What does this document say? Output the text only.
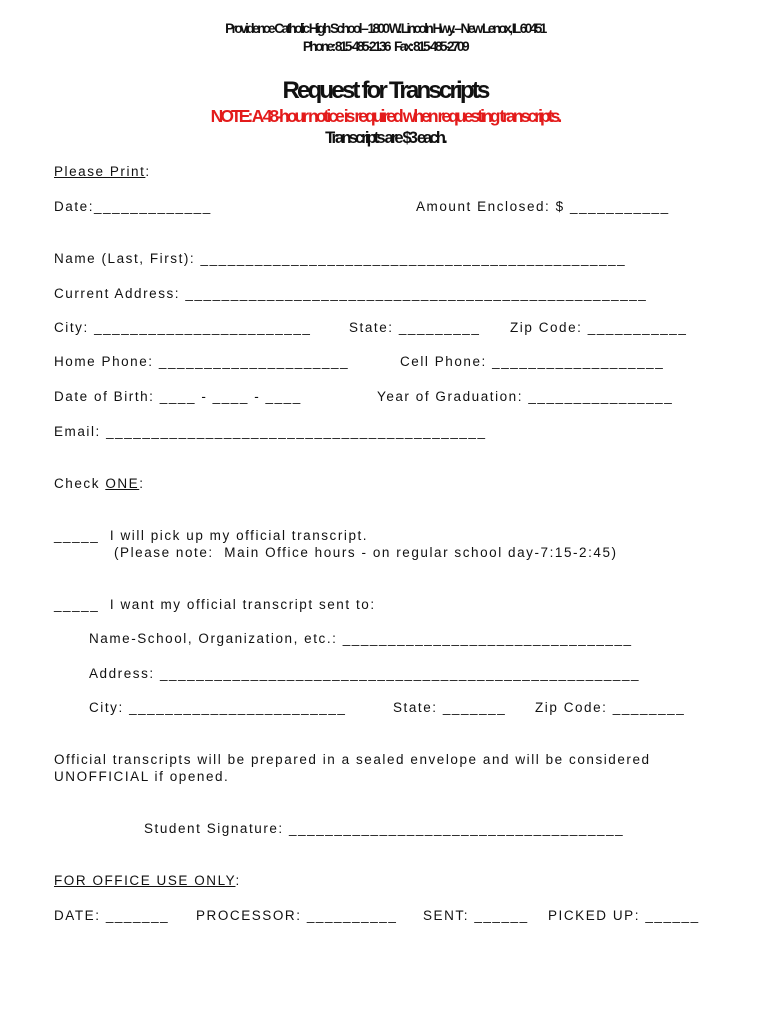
Providence Catholic High School – 1800 W. Lincoln Hwy. – New Lenox, IL 60451
Phone: 815-485-2136    Fax: 815-485-2709
Request for Transcripts
NOTE: A 48-hour notice is required when requesting transcripts.
Transcripts are $3 each.
Please Print:
Date:_____________	Amount Enclosed: $ ___________
Name (Last, First): _______________________________________________
Current Address: ___________________________________________________
City: ________________________	State: _________ Zip Code: ___________
Home Phone: _____________________	Cell Phone: ___________________
Date of Birth: ____ - ____ - ____	Year of Graduation: ________________
Email: __________________________________________
Check ONE:
_____  I will pick up my official transcript.
(Please note:  Main Office hours - on regular school day-7:15-2:45)
_____  I want my official transcript sent to:
Name-School, Organization, etc.: ________________________________
Address: _____________________________________________________
City: ________________________	State: _______ Zip Code: ________
Official transcripts will be prepared in a sealed envelope and will be considered
UNOFFICIAL if opened.
Student Signature: _____________________________________
FOR OFFICE USE ONLY:
DATE: _______ PROCESSOR: __________ SENT: ______ PICKED UP: ______
